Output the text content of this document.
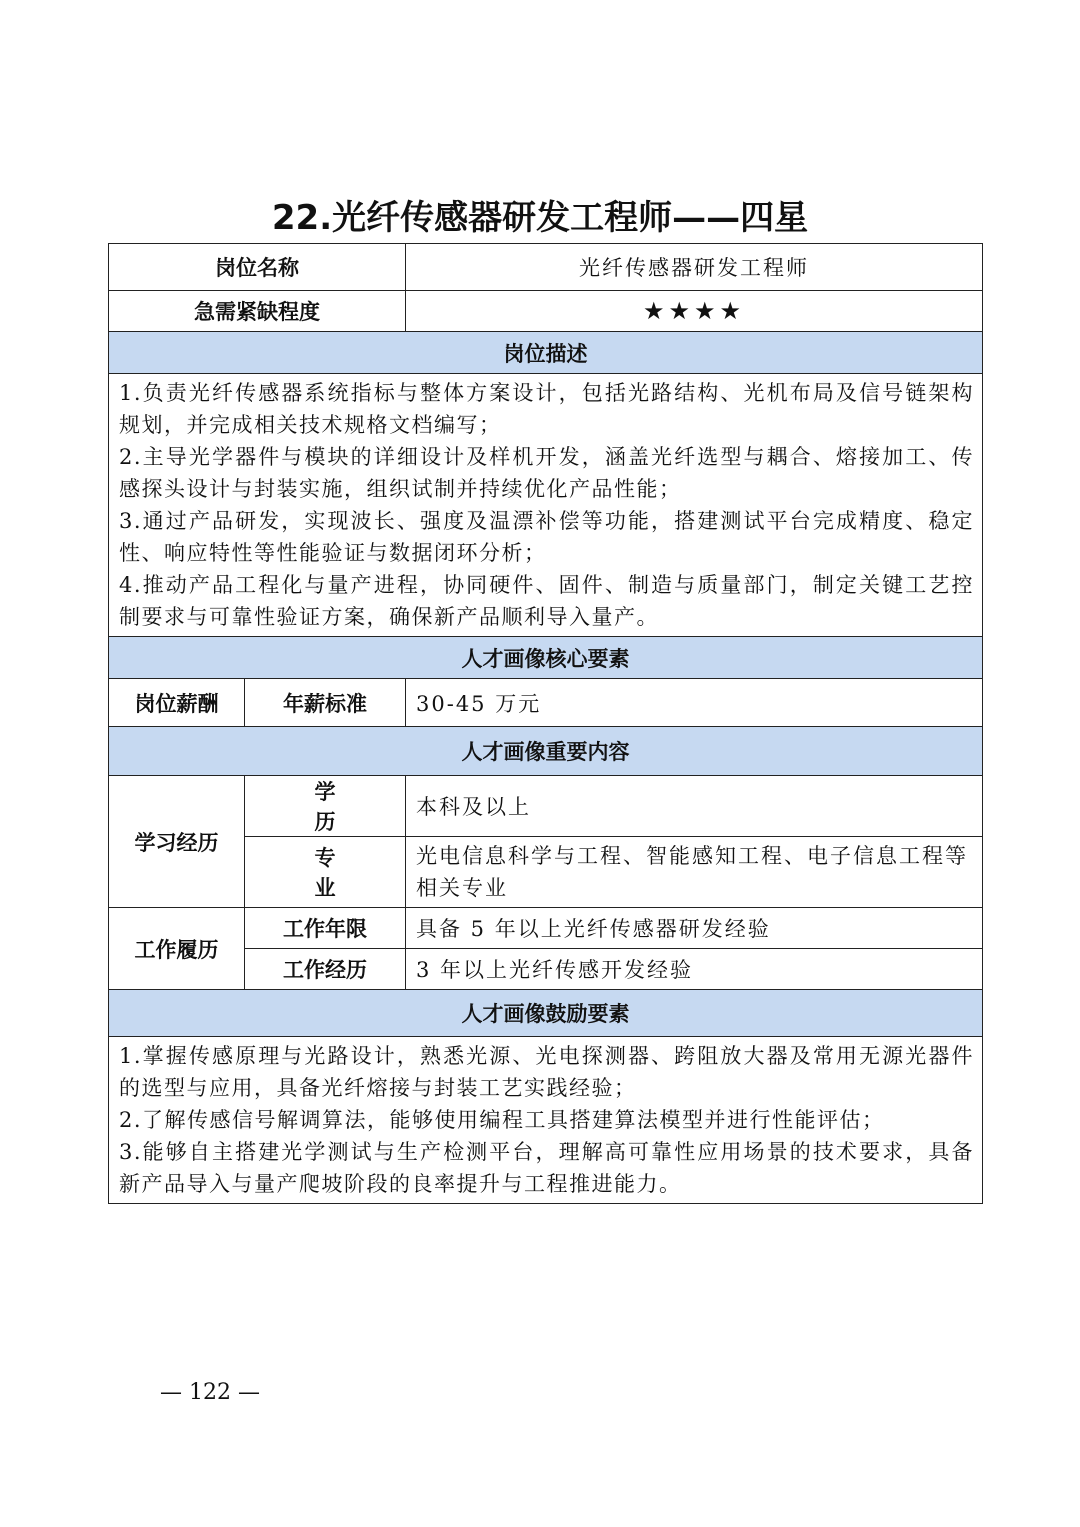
22.光纤传感器研发工程师——四星
岗位名称		光纤传感器研发工程师
急需紧缺程度		★★★★
岗位描述		

1.负责光纤传感器系统指标与整体方案设计，包括光路结构、光机布局及信号链架构规划，并完成相关技术规格文档编写；

2.主导光学器件与模块的详细设计及样机开发，涵盖光纤选型与耦合、熔接加工、传感探头设计与封装实施，组织试制并持续优化产品性能；

3.通过产品研发，实现波长、强度及温漂补偿等功能，搭建测试平台完成精度、稳定性、响应特性等性能验证与数据闭环分析；

4.推动产品工程化与量产进程，协同硬件、固件、制造与质量部门，制定关键工艺控制要求与可靠性验证方案，确保新产品顺利导入量产。		

人才画像核心要素		
岗位薪酬	年薪标准	30-45 万元
人才画像重要内容		
学习经历	学 历	本科及以上
	专 业	光电信息科学与工程、智能感知工程、电子信息工程等相关专业
工作履历	工作年限	具备 5 年以上光纤传感器研发经验
	工作经历	3 年以上光纤传感开发经验
人才画像鼓励要素		

1.掌握传感原理与光路设计，熟悉光源、光电探测器、跨阻放大器及常用无源光器件的选型与应用，具备光纤熔接与封装工艺实践经验；

2.了解传感信号解调算法，能够使用编程工具搭建算法模型并进行性能评估；

3.能够自主搭建光学测试与生产检测平台，理解高可靠性应用场景的技术要求，具备新产品导入与量产爬坡阶段的良率提升与工程推进能力。		

— 122 —
